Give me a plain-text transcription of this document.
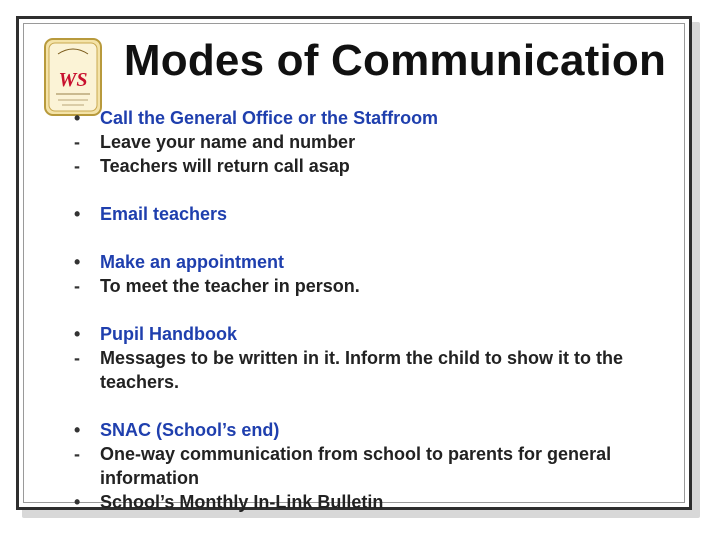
WS Modes of Communication
•	Call the General Office or the Staffroom
-	Leave your name and number
-	Teachers will return call asap
•	Email teachers
•	Make an appointment
-	To meet the teacher in person.
•	Pupil Handbook
-	Messages to be written in it. Inform the child to show it to the teachers.
•	SNAC (School’s end)
-	One-way communication from school to parents for general information
•	School’s Monthly In-Link Bulletin
